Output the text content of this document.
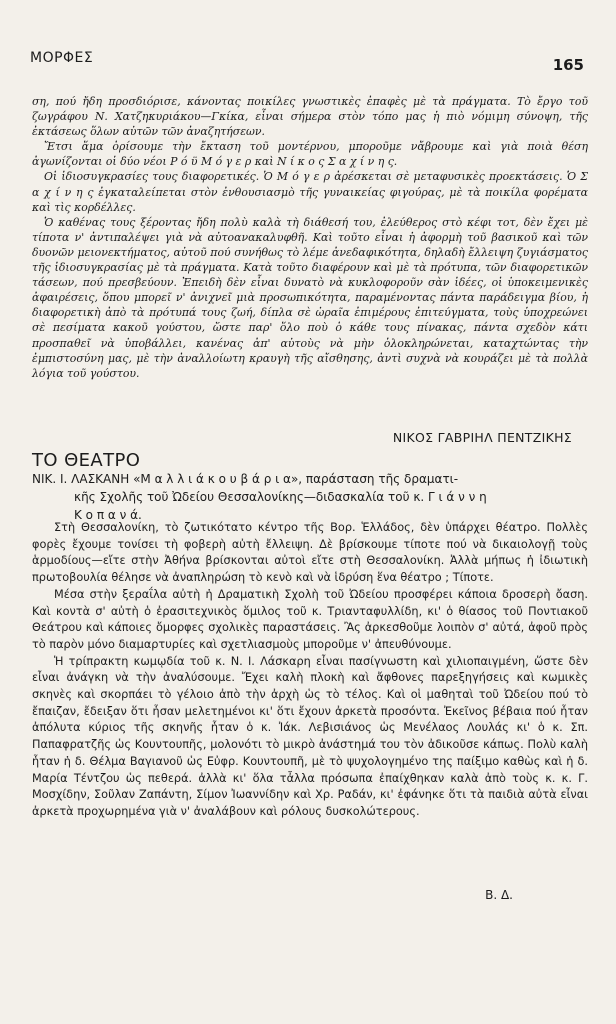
ΜΟΡΦΕΣ	165

ση, πού ἤδη προσδιόρισε, κάνοντας ποικίλες γνωστικὲς ἐπαφὲς μὲ τὰ πράγματα. Τὸ ἔργο τοῦ ζωγράφου Ν. Χατζηκυριάκου—Γκίκα, εἶναι σήμερα στὸν τόπο μας ἡ πιὸ νόμιμη σύνοψη, τῆς ἐκτάσεως ὅλων αὐτῶν τῶν ἀναζητήσεων.

Ἔτσι ἅμα ὁρίσουμε τὴν ἔκταση τοῦ μοντέρνου, μποροῦμε νἄβρουμε καὶ γιὰ ποιὰ θέση ἀγωνίζονται οἱ δύο νέοι Ρ ό ϋ Μ ό γ ε ρ καὶ Ν ί κ ο ς Σ α χ ί ν η ς.

Οἱ ἰδιοσυγκρασίες τους διαφορετικές. Ὁ Μ ό γ ε ρ ἀρέσκεται σὲ μεταφυσικὲς προεκτάσεις. Ὁ Σ α χ ί ν η ς ἐγκαταλείπεται στὸν ἐνθουσιασμὸ τῆς γυναικείας φιγούρας, μὲ τὰ ποικίλα φορέματα καὶ τὶς κορδέλλες.

Ὁ καθένας τους ξέροντας ἤδη πολὺ καλὰ τὴ διάθεσή του, ἐλεύθερος στὸ κέφι τοτ, δὲν ἔχει μὲ τίποτα ν' ἀντιπαλέψει γιὰ νὰ αὐτοανακαλυφθῆ. Καὶ τοῦτο εἶναι ἡ ἀφορμὴ τοῦ βασικοῦ καὶ τῶν δυονῶν μειονεκτήματος, αὐτοῦ πού συνήθως τὸ λέμε ἀνεδαφικότητα, δηλαδὴ ἔλλειψη ζυγιάσματος τῆς ἰδιοσυγκρασίας μὲ τὰ πράγματα. Κατὰ τοῦτο διαφέρουν καὶ μὲ τὰ πρότυπα, τῶν διαφορετικῶν τάσεων, πού πρεσβεύουν. Ἐπειδὴ δὲν εἶναι δυνατὸ νὰ κυκλοφοροῦν σὰν ἰδέες, οἱ ὑποκειμενικὲς ἀφαιρέσεις, ὅπου μπορεῖ ν' ἀνιχνεῖ μιὰ προσωπικότητα, παραμένοντας πάντα παράδειγμα βίου, ἡ διαφορετικὴ ἀπὸ τὰ πρότυπά τους ζωή, δίπλα σὲ ὡραῖα ἐπιμέρους ἐπιτεύγματα, τοὺς ὑποχρεώνει σὲ πεσίματα κακοῦ γούστου, ὥστε παρ' ὅλο ποὺ ὁ κάθε τους πίνακας, πάντα σχεδὸν κάτι προσπαθεῖ νὰ ὑποβάλλει, κανένας ἀπ' αὐτοὺς νὰ μὴν ὁλοκληρώνεται, καταχτώντας τὴν ἐμπιστοσύνη μας, μὲ τὴν ἀναλλοίωτη κραυγὴ τῆς αἴσθησης, ἀντὶ συχνὰ νὰ κουράζει μὲ τὰ πολλὰ λόγια τοῦ γούστου.

ΝΙΚΟΣ ΓΑΒΡΙΗΛ ΠΕΝΤΖΙΚΗΣ
ΤΟ ΘΕΑΤΡΟ
ΝΙΚ. Ι. ΛΑΣΚΑΝΗ «Μ α λ λ ι ά κ ο υ β ά ρ ι α», παράσταση τῆς δραματι-
κῆς Σχολῆς τοῦ Ὠδείου Θεσσαλονίκης—διδασκαλία τοῦ κ. Γ ι ά ν ν η
Κ ο π α ν ά.

Στὴ Θεσσαλονίκη, τὸ ζωτικότατο κέντρο τῆς Βορ. Ἑλλάδος, δὲν ὑπάρχει θέατρο. Πολλὲς φορὲς ἔχουμε τονίσει τὴ φοβερὴ αὐτὴ ἔλλειψη. Δὲ βρίσκουμε τίποτε πού νὰ δικαιολογῇ τοὺς ἁρμοδίους—εἴτε στὴν Ἀθήνα βρίσκονται αὐτοὶ εἴτε στὴ Θεσσαλονίκη. Ἀλλὰ μήπως ἡ ἰδιωτικὴ πρωτοβουλία θέλησε νὰ ἀναπληρώση τὸ κενὸ καὶ νὰ ἱδρύση ἕνα θέατρο ; Τίποτε.

Μέσα στὴν ξεραΐλα αὐτὴ ἡ Δραματικὴ Σχολὴ τοῦ Ὠδείου προσφέρει κάποια δροσερὴ ὄαση. Καὶ κοντὰ σ' αὐτὴ ὁ ἐρασιτεχνικὸς ὅμιλος τοῦ κ. Τριανταφυλλίδη, κι' ὁ θίασος τοῦ Ποντιακοῦ Θεάτρου καὶ κάποιες ὄμορφες σχολικὲς παραστάσεις. Ἂς ἀρκεσθοῦμε λοιπὸν σ' αὐτά, ἀφοῦ πρὸς τὸ παρὸν μόνο διαμαρτυρίες καὶ σχετλιασμοὺς μποροῦμε ν' ἀπευθύνουμε.

Ἡ τρίπρακτη κωμῳδία τοῦ κ. Ν. Ι. Λάσκαρη εἶναι πασίγνωστη καὶ χιλιοπαιγμένη, ὥστε δὲν εἶναι ἀνάγκη νὰ τὴν ἀναλύσουμε. Ἔχει καλὴ πλοκὴ καὶ ἄφθονες παρεξηγήσεις καὶ κωμικὲς σκηνὲς καὶ σκορπάει τὸ γέλοιο ἀπὸ τὴν ἀρχὴ ὡς τὸ τέλος. Καὶ οἱ μαθηταὶ τοῦ Ὠδείου πού τὸ ἔπαιζαν, ἔδειξαν ὅτι ἦσαν μελετημένοι κι' ὅτι ἔχουν ἀρκετὰ προσόντα. Ἐκεῖνος βέβαια πού ἦταν ἀπόλυτα κύριος τῆς σκηνῆς ἦταν ὁ κ. Ἰάκ. Λεβισιάνος ὡς Μενέλαος Λουλάς κι' ὁ κ. Σπ. Παπαφρατζῆς ὡς Κουντουπῆς, μολονότι τὸ μικρὸ ἀνάστημά του τὸν ἀδικοῦσε κάπως. Πολὺ καλὴ ἦταν ἡ δ. Θέλμα Βαγιανοῦ ὡς Εὐφρ. Κουντουπῆ, μὲ τὸ ψυχολογημένο της παίξιμο καθὼς καὶ ἡ δ. Μαρία Τέντζου ὡς πεθερά. ἀλλὰ κι' ὅλα τἆλλα πρόσωπα ἐπαίχθηκαν καλὰ ἀπὸ τοὺς κ. κ. Γ. Μοσχίδην, Σοῦλαν Ζαπάντη, Σίμον Ἰωαννίδην καὶ Χρ. Ραδάν, κι' ἐφάνηκε ὅτι τὰ παιδιὰ αὐτὰ εἶναι ἀρκετὰ προχωρημένα γιὰ ν' ἀναλάβουν καὶ ρόλους δυσκολώτερους.

Β. Δ.
